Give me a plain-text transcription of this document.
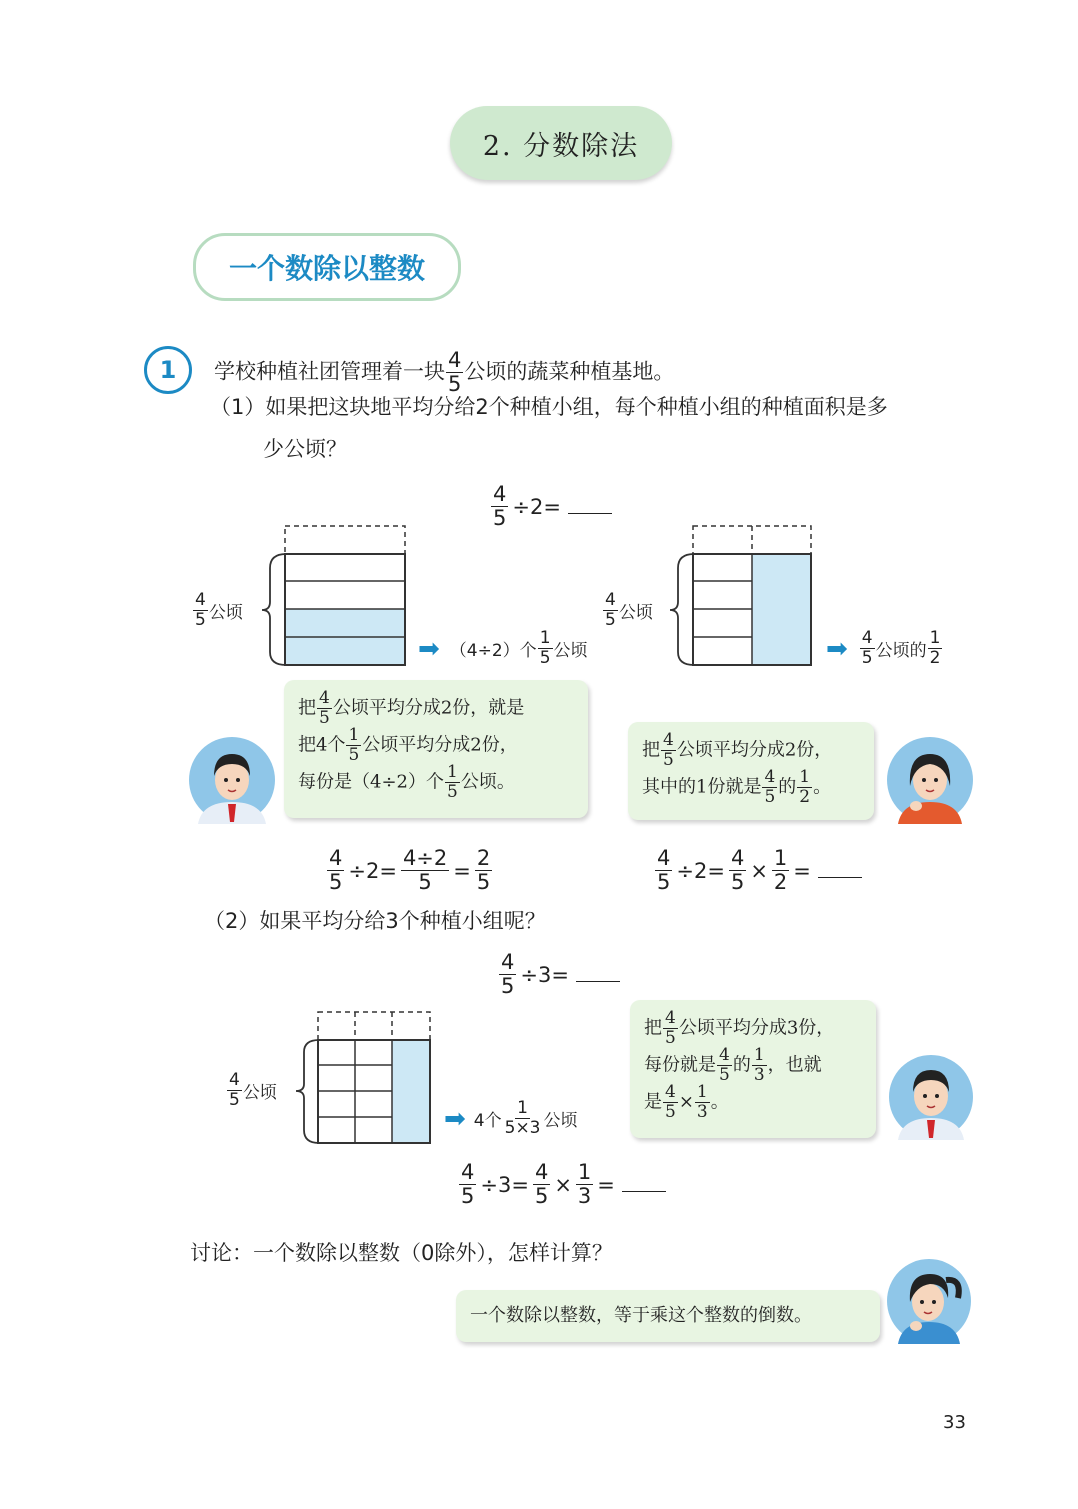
2. 分数除法
一个数除以整数
1	学校种植社团管理着一块 $\frac{4}{5}$ 公顷的蔬菜种植基地。
（1）如果把这块地平均分给2个种植小组，每个种植小组的种植面积是多
少公顷？
$\frac{4}{5} \div 2=$
$\frac{4}{5}$ 公顷
➡ （4÷2）个 $\frac{1}{5}$ 公顷
$\frac{4}{5}$ 公顷
➡ $\frac{4}{5}$ 公顷的 $\frac{1}{2}$
把 $\frac{4}{5}$ 公顷平均分成2份，就是
把4个 $\frac{1}{5}$ 公顷平均分成2份，
每份是（4÷2）个 $\frac{1}{5}$ 公顷。
把 $\frac{4}{5}$ 公顷平均分成2份，
其中的1份就是 $\frac{4}{5}$ 的 $\frac{1}{2}$ 。
$\frac{4}{5} \div 2= \frac{4\div 2}{5} = \frac{2}{5}$	$\frac{4}{5} \div 2= \frac{4}{5} \times \frac{1}{2}$ =
（2）如果平均分给3个种植小组呢？
$\frac{4}{5} \div 3=$
$\frac{4}{5}$ 公顷
➡ 4个 $\frac{1}{5\times 3}$ 公顷
把 $\frac{4}{5}$ 公顷平均分成3份，
每份就是 $\frac{4}{5}$ 的 $\frac{1}{3}$ ，也就
是 $\frac{4}{5} \times \frac{1}{3}$ 。
$\frac{4}{5} \div 3= \frac{4}{5} \times \frac{1}{3}$ =
讨论：一个数除以整数（0除外），怎样计算？
一个数除以整数，等于乘这个整数的倒数。
33
